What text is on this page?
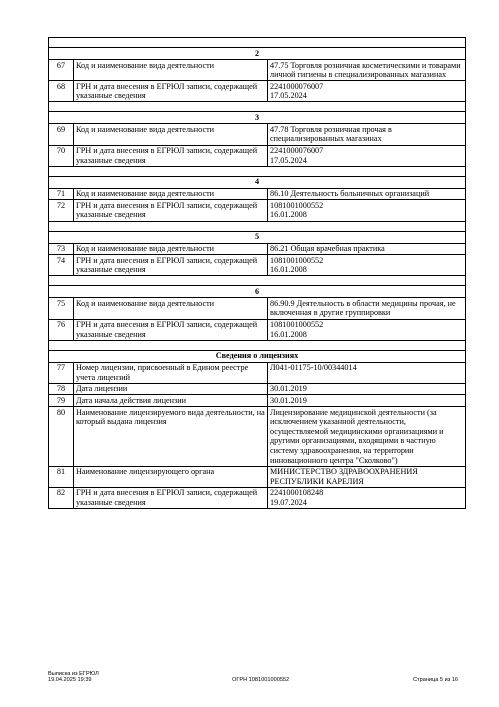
2		
67	Код и наименование вида деятельности	47.75 Торговля розничная косметическими и товарами личной гигиены в специализированных магазинах
68	ГРН и дата внесения в ЕГРЮЛ записи, содержащей указанные сведения	2241000076007
17.05.2024

3		
69	Код и наименование вида деятельности	47.78 Торговля розничная прочая в специализированных магазинах
70	ГРН и дата внесения в ЕГРЮЛ записи, содержащей указанные сведения	2241000076007
17.05.2024

4		
71	Код и наименование вида деятельности	86.10 Деятельность больничных организаций
72	ГРН и дата внесения в ЕГРЮЛ записи, содержащей указанные сведения	1081001000552
16.01.2008

5		
73	Код и наименование вида деятельности	86.21 Общая врачебная практика
74	ГРН и дата внесения в ЕГРЮЛ записи, содержащей указанные сведения	1081001000552
16.01.2008

6		
75	Код и наименование вида деятельности	86.90.9 Деятельность в области медицины прочая, не включенная в другие группировки
76	ГРН и дата внесения в ЕГРЮЛ записи, содержащей указанные сведения	1081001000552
16.01.2008

Сведения о лицензиях		
77	Номер лицензии, присвоенный в Едином реестре учета лицензий	Л041-01175-10/00344014
78	Дата лицензии	30.01.2019
79	Дата начала действия лицензии	30.01.2019
80	Наименование лицензируемого вида деятельности, на который выдана лицензия	Лицензирование медицинской деятельности (за исключением указанной деятельности, осуществляемой медицинскими организациями и другими организациями, входящими в частную систему здравоохранения, на территории инновационного центра "Сколково")
81	Наименование лицензирующего органа	МИНИСТЕРСТВО ЗДРАВООХРАНЕНИЯ РЕСПУБЛИКИ КАРЕЛИЯ
82	ГРН и дата внесения в ЕГРЮЛ записи, содержащей указанные сведения	2241000108248
19.07.2024
Выписка из ЕГРЮЛ
19.04.2025 19:39	ОГРН 1081001000552	Страница 5 из 16
